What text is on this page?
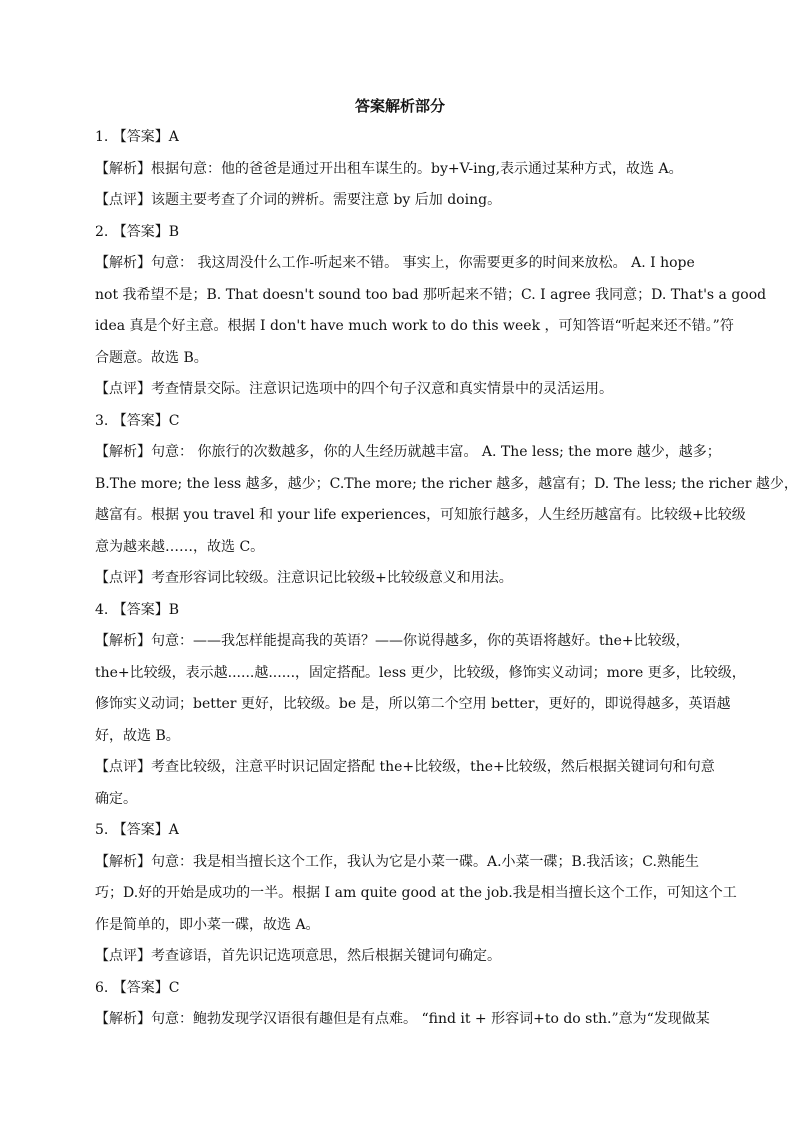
答案解析部分
1. 【答案】A
【解析】根据句意：他的爸爸是通过开出租车谋生的。by+V-ing,表示通过某种方式，故选 A。
【点评】该题主要考查了介词的辨析。需要注意 by 后加 doing。
2. 【答案】B
【解析】句意： 我这周没什么工作-听起来不错。 事实上，你需要更多的时间来放松。 A. I hope
not 我希望不是；B. That doesn't sound too bad 那听起来不错；C. I agree 我同意；D. That's a good
idea 真是个好主意。根据 I don't have much work to do this week ，可知答语“听起来还不错。”符
合题意。故选 B。
【点评】考查情景交际。注意识记选项中的四个句子汉意和真实情景中的灵活运用。
3. 【答案】C
【解析】句意： 你旅行的次数越多，你的人生经历就越丰富。 A. The less; the more 越少，越多；
B.The more; the less 越多，越少；C.The more; the richer 越多，越富有；D. The less; the richer 越少，
越富有。根据 you travel 和 your life experiences，可知旅行越多，人生经历越富有。比较级+比较级
意为越来越……，故选 C。
【点评】考查形容词比较级。注意识记比较级+比较级意义和用法。
4. 【答案】B
【解析】句意：——我怎样能提高我的英语？——你说得越多，你的英语将越好。the+比较级，
the+比较级，表示越......越......，固定搭配。less 更少，比较级，修饰实义动词；more 更多，比较级，
修饰实义动词；better 更好，比较级。be 是，所以第二个空用 better，更好的，即说得越多，英语越
好，故选 B。
【点评】考查比较级，注意平时识记固定搭配 the+比较级，the+比较级，然后根据关键词句和句意
确定。
5. 【答案】A
【解析】句意：我是相当擅长这个工作，我认为它是小菜一碟。A.小菜一碟；B.我活该；C.熟能生
巧；D.好的开始是成功的一半。根据 I am quite good at the job.我是相当擅长这个工作，可知这个工
作是简单的，即小菜一碟，故选 A。
【点评】考查谚语，首先识记选项意思，然后根据关键词句确定。
6. 【答案】C
【解析】句意：鲍勃发现学汉语很有趣但是有点难。 “find it + 形容词+to do sth.”意为“发现做某
